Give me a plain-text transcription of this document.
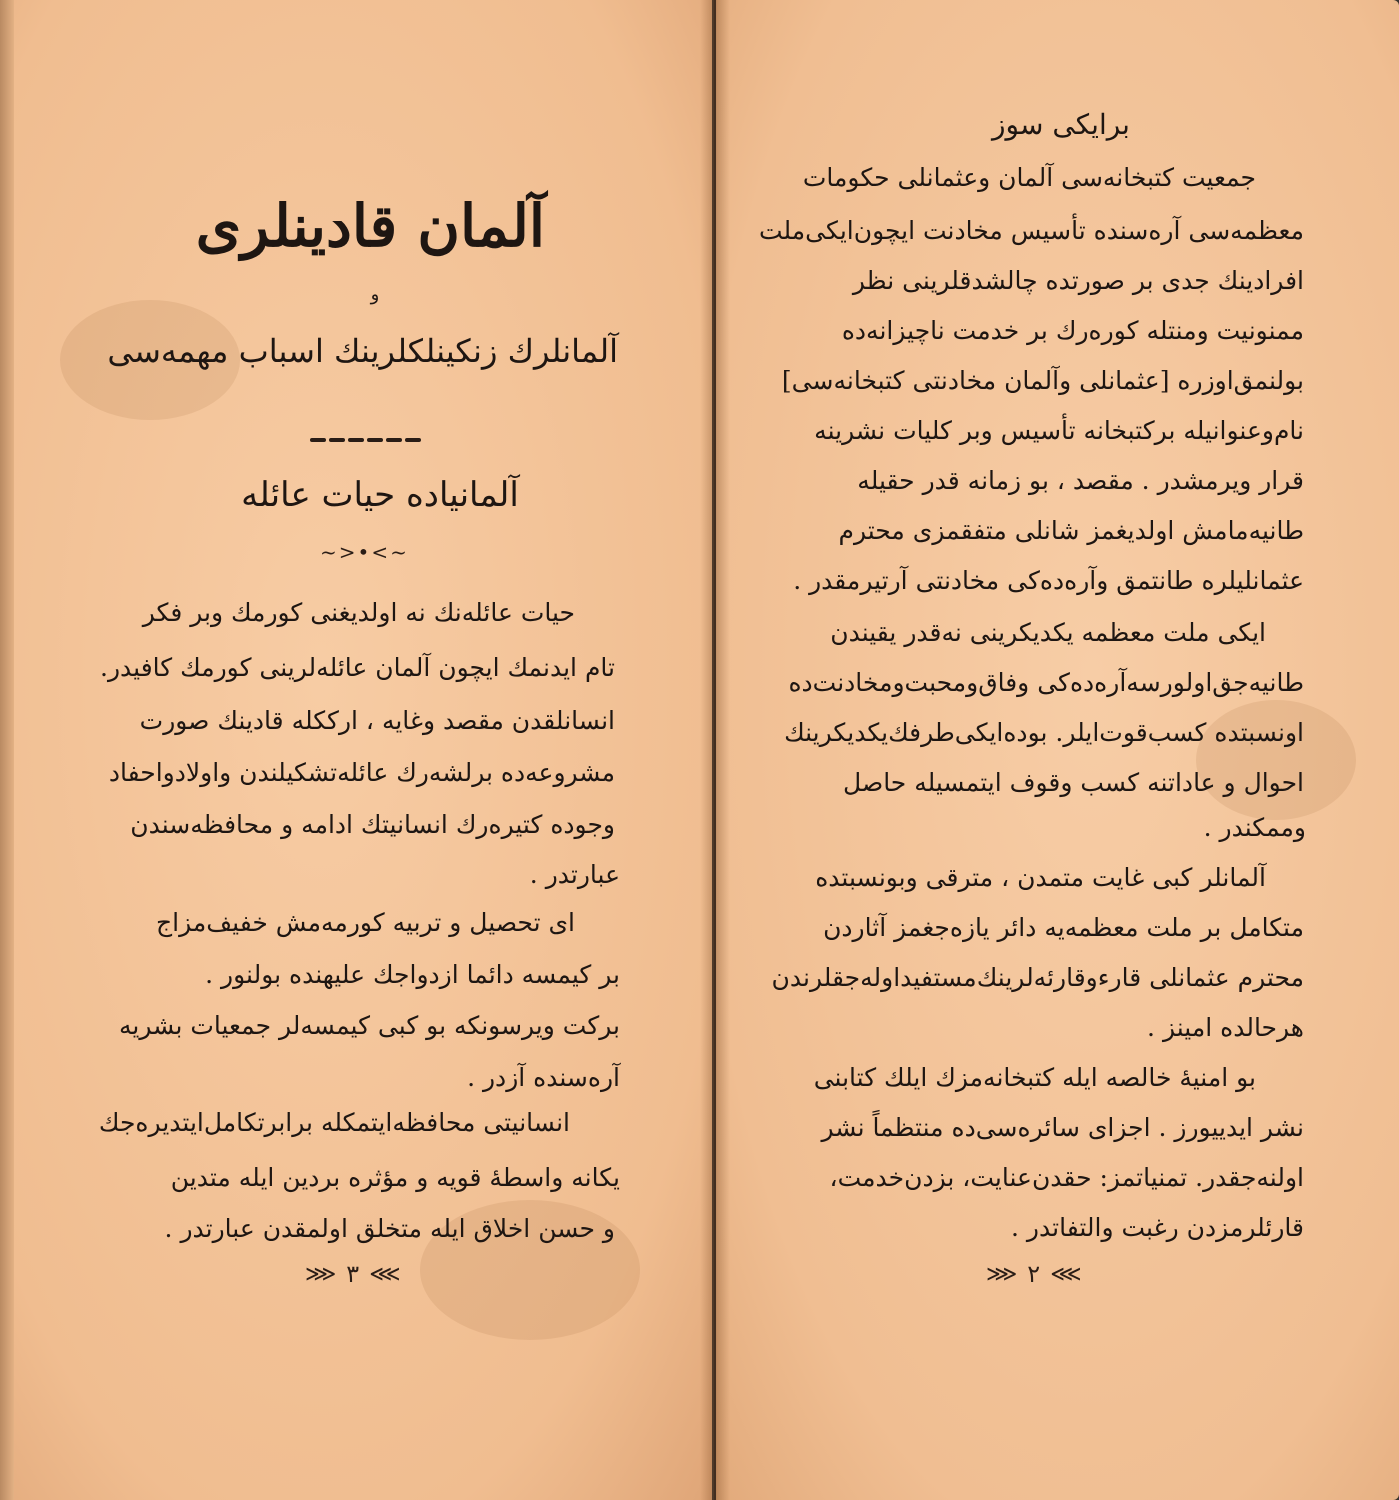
آلمان قادینلری
و
آلمانلرك زنكینلكلرینك اسباب مهمه‌سی
آلمانیاده حیات عائله
~>•<~
حیات عائله‌نك نه اولدیغنی كورمك وبر فكر
تام ایدنمك ایچون آلمان عائله‌لرینی كورمك كافیدر.
انسانلقدن مقصد وغایه ، ارككله قادینك صورت
مشروعه‌ده برلشه‌رك عائله‌تشكیلندن واولادواحفاد
وجوده كتیره‌رك انسانیتك ادامه و محافظه‌سندن
عبارتدر .
ای تحصیل و تربیه كورمه‌مش خفیف‌مزاج
بر كیمسه دائما ازدواجك علیهنده بولنور .
بركت ویرسونكه بو كبی كیمسه‌لر جمعیات بشریه
آره‌سنده آزدر .
انسانیتی محافظه‌ایتمكله برابرتكامل‌ایتدیره‌جك
یكانه واسطهٔ قویه و مؤثره بردین ایله متدین
و حسن اخلاق ایله متخلق اولمقدن عبارتدر .
⋙ ٣ ⋘
برایكی سوز
جمعیت كتبخانه‌سی آلمان وعثمانلی حكومات
معظمه‌سی آره‌سنده تأسیس مخادنت ایچون‌ایكی‌ملت
افرادینك جدی بر صورتده چالشدقلرینی نظر
ممنونیت ومنتله كوره‌رك بر خدمت ناچیزانه‌ده
بولنمق‌اوزره [عثمانلی وآلمان مخادنتی كتبخانه‌سی]
نام‌وعنوانیله بركتبخانه تأسیس وبر كلیات نشرینه
قرار ویرمشدر . مقصد ، بو زمانه قدر حقیله
طانیه‌مامش اولدیغمز شانلی متفقمزی محترم
عثمانلیلره طانتمق وآره‌ده‌كی مخادنتی آرتیرمقدر .
ایكی ملت معظمه یكدیكرینی نه‌قدر یقیندن
طانیه‌جق‌اولورسه‌آره‌ده‌كی وفاق‌ومحبت‌ومخادنت‌ده
اونسبتده كسب‌قوت‌ایلر. بوده‌ایكی‌طرفك‌یكدیكرینك
احوال و عاداتنه كسب وقوف ایتمسیله حاصل
وممكندر .
آلمانلر كبی غایت متمدن ، مترقی وبونسبتده
متكامل بر ملت معظمه‌یه دائر یازه‌جغمز آثاردن
محترم عثمانلی قارءوقارئه‌لرینك‌مستفیداوله‌جقلرندن
هرحالده امینز .
بو امنیهٔ خالصه ایله كتبخانه‌مزك ایلك كتابنی
نشر ایدییورز . اجزای سائره‌سی‌ده منتظماً نشر
اولنه‌جقدر. تمنیاتمز: حقدن‌عنایت، بزدن‌خدمت،
قارئلرمزدن رغبت والتفاتدر .
⋙ ٢ ⋘
